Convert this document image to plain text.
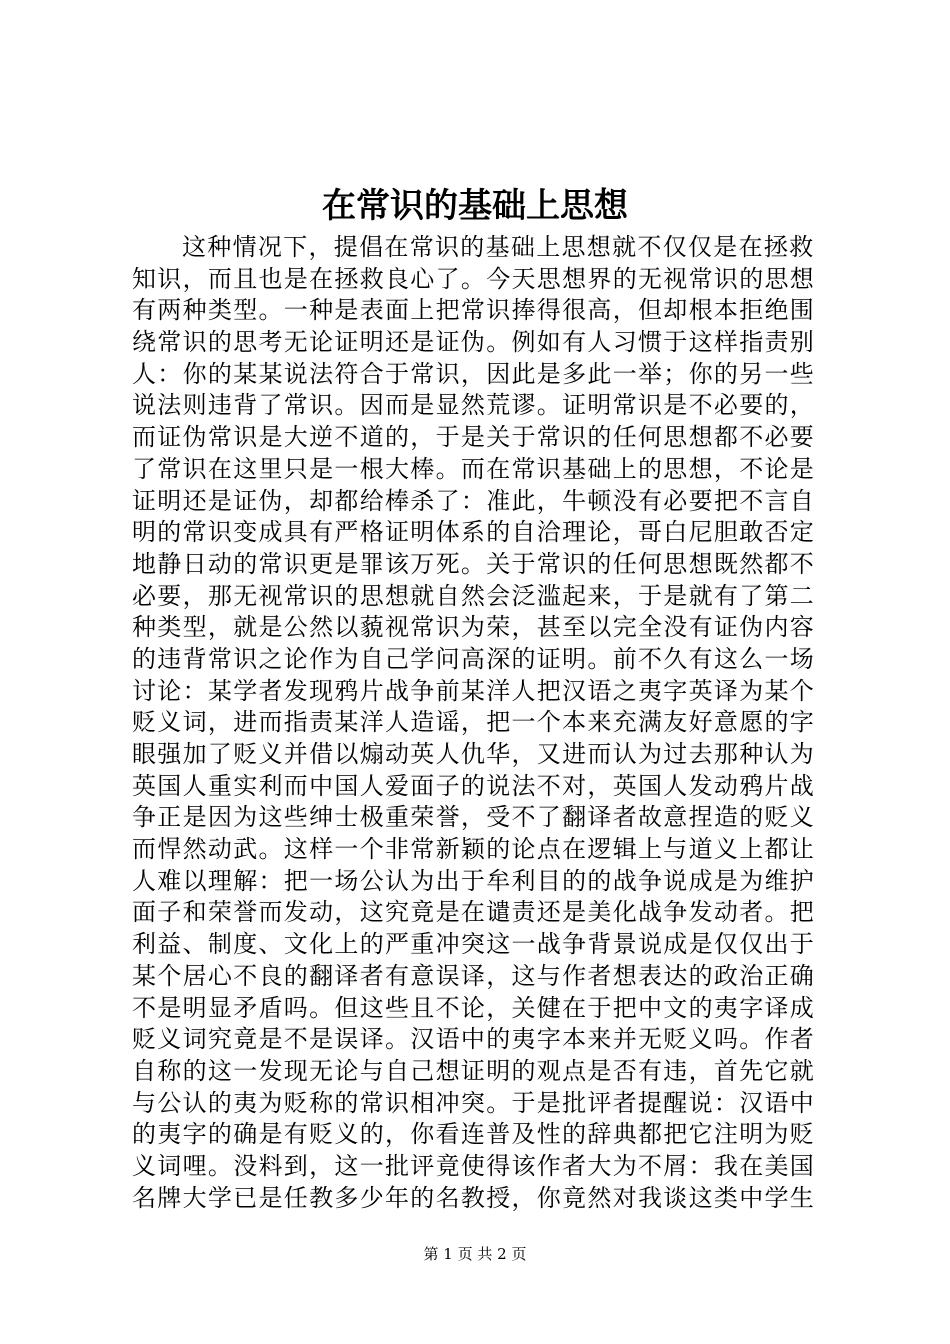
在常识的基础上思想
这种情况下，提倡在常识的基础上思想就不仅仅是在拯救
知识，而且也是在拯救良心了。今天思想界的无视常识的思想
有两种类型。一种是表面上把常识捧得很高，但却根本拒绝围
绕常识的思考无论证明还是证伪。例如有人习惯于这样指责别
人：你的某某说法符合于常识，因此是多此一举；你的另一些
说法则违背了常识。因而是显然荒谬。证明常识是不必要的，
而证伪常识是大逆不道的，于是关于常识的任何思想都不必要
了常识在这里只是一根大棒。而在常识基础上的思想，不论是
证明还是证伪，却都给棒杀了：准此，牛顿没有必要把不言自
明的常识变成具有严格证明体系的自洽理论，哥白尼胆敢否定
地静日动的常识更是罪该万死。关于常识的任何思想既然都不
必要，那无视常识的思想就自然会泛滥起来，于是就有了第二
种类型，就是公然以藐视常识为荣，甚至以完全没有证伪内容
的违背常识之论作为自己学问高深的证明。前不久有这么一场
讨论：某学者发现鸦片战争前某洋人把汉语之夷字英译为某个
贬义词，进而指责某洋人造谣，把一个本来充满友好意愿的字
眼强加了贬义并借以煽动英人仇华，又进而认为过去那种认为
英国人重实利而中国人爱面子的说法不对，英国人发动鸦片战
争正是因为这些绅士极重荣誉，受不了翻译者故意捏造的贬义
而悍然动武。这样一个非常新颖的论点在逻辑上与道义上都让
人难以理解：把一场公认为出于牟利目的的战争说成是为维护
面子和荣誉而发动，这究竟是在谴责还是美化战争发动者。把
利益、制度、文化上的严重冲突这一战争背景说成是仅仅出于
某个居心不良的翻译者有意误译，这与作者想表达的政治正确
不是明显矛盾吗。但这些且不论，关健在于把中文的夷字译成
贬义词究竟是不是误译。汉语中的夷字本来并无贬义吗。作者
自称的这一发现无论与自己想证明的观点是否有违，首先它就
与公认的夷为贬称的常识相冲突。于是批评者提醒说：汉语中
的夷字的确是有贬义的，你看连普及性的辞典都把它注明为贬
义词哩。没料到，这一批评竟使得该作者大为不屑：我在美国
名牌大学已是任教多少年的名教授，你竟然对我谈这类中学生
第 1 页 共 2 页
